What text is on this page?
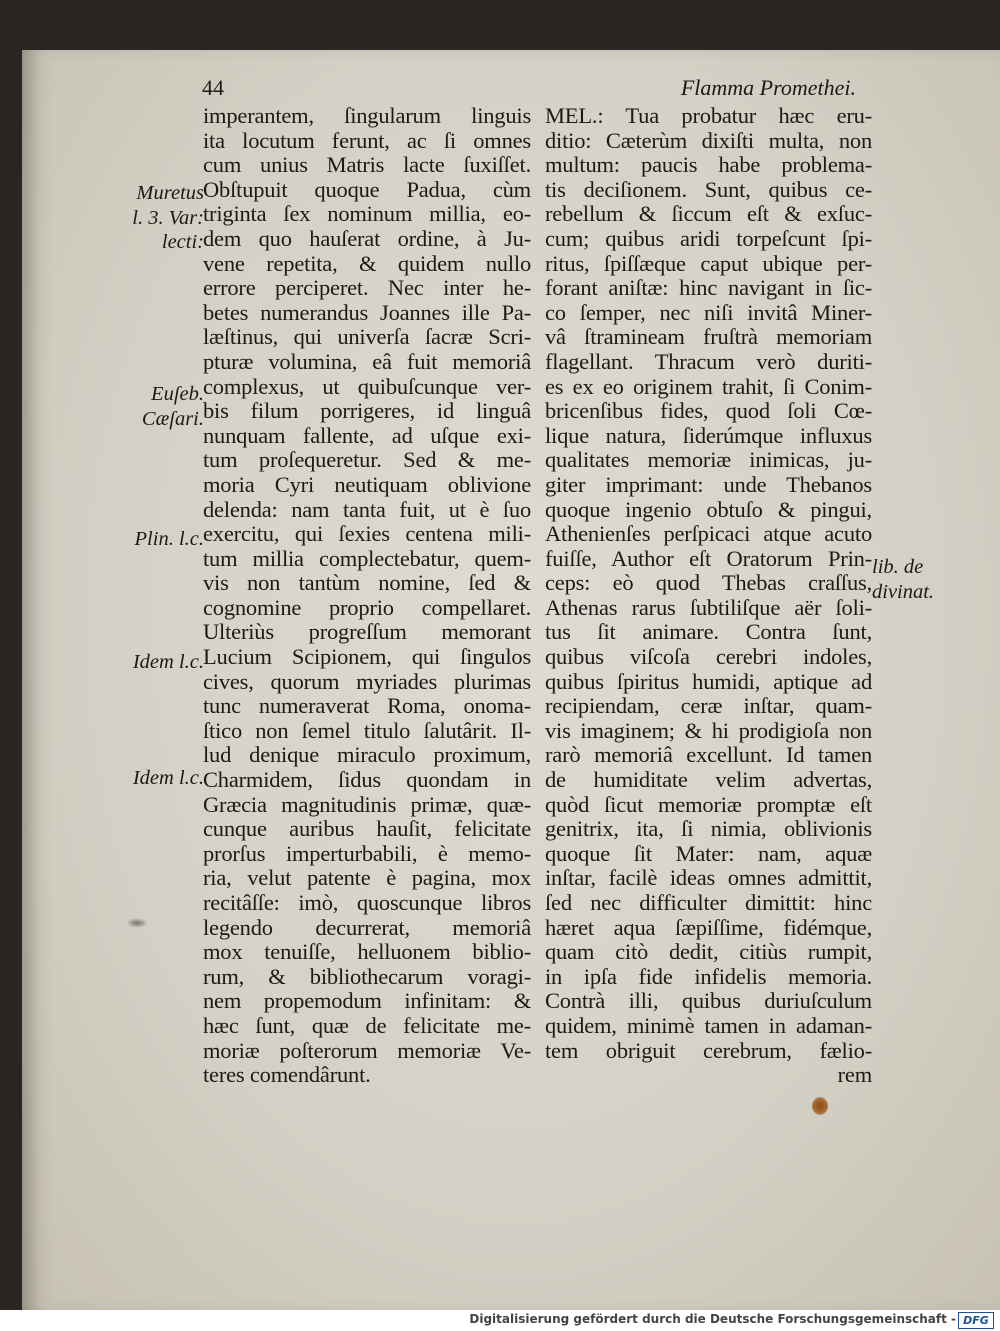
44	Flamma Promethei.
imperantem, ſingularum linguis
ita locutum ferunt, ac ſi omnes
cum unius Matris lacte ſuxiſſet.
Obſtupuit quoque Padua, cùm
triginta ſex nominum millia, eo-
dem quo hauſerat ordine, à Ju-
vene repetita, & quidem nullo
errore perciperet. Nec inter he-
betes numerandus Joannes ille Pa-
læſtinus, qui univerſa ſacræ Scri-
pturæ volumina, eâ fuit memoriâ
complexus, ut quibuſcunque ver-
bis filum porrigeres, id linguâ
nunquam fallente, ad uſque exi-
tum proſequeretur. Sed & me-
moria Cyri neutiquam oblivione
delenda: nam tanta fuit, ut è ſuo
exercitu, qui ſexies centena mili-
tum millia complectebatur, quem-
vis non tantùm nomine, ſed &
cognomine proprio compellaret.
Ulteriùs progreſſum memorant
Lucium Scipionem, qui ſingulos
cives, quorum myriades plurimas
tunc numeraverat Roma, onoma-
ſtico non ſemel titulo ſalutârit. Il-
lud denique miraculo proximum,
Charmidem, ſidus quondam in
Græcia magnitudinis primæ, quæ-
cunque auribus hauſit, felicitate
prorſus imperturbabili, è memo-
ria, velut patente è pagina, mox
recitâſſe: imò, quoscunque libros
legendo decurrerat, memoriâ
mox tenuiſſe, helluonem biblio-
rum, & bibliothecarum voragi-
nem propemodum infinitam: &
hæc ſunt, quæ de felicitate me-
moriæ poſterorum memoriæ Ve-
teres comendârunt.
MEL.: Tua probatur hæc eru-
ditio: Cæterùm dixiſti multa, non
multum: paucis habe problema-
tis deciſionem. Sunt, quibus ce-
rebellum & ſiccum eſt & exſuc-
cum; quibus aridi torpeſcunt ſpi-
ritus, ſpiſſæque caput ubique per-
forant aniſtæ: hinc navigant in ſic-
co ſemper, nec niſi invitâ Miner-
vâ ſtramineam fruſtrà memoriam
flagellant. Thracum verò duriti-
es ex eo originem trahit, ſi Conim-
bricenſibus fides, quod ſoli Cœ-
lique natura, ſiderúmque influxus
qualitates memoriæ inimicas, ju-
giter imprimant: unde Thebanos
quoque ingenio obtuſo & pingui,
Athenienſes perſpicaci atque acuto
fuiſſe, Author eſt Oratorum Prin-
ceps: eò quod Thebas craſſus,
Athenas rarus ſubtiliſque aër ſoli-
tus ſit animare. Contra ſunt,
quibus viſcoſa cerebri indoles,
quibus ſpiritus humidi, aptique ad
recipiendam, ceræ inſtar, quam-
vis imaginem; & hi prodigioſa non
rarò memoriâ excellunt. Id tamen
de humiditate velim advertas,
quòd ſicut memoriæ promptæ eſt
genitrix, ita, ſi nimia, oblivionis
quoque ſit Mater: nam, aquæ
inſtar, facilè ideas omnes admittit,
ſed nec difficulter dimittit: hinc
hæret aqua ſæpiſſime, fidémque,
quam citò dedit, citiùs rumpit,
in ipſa fide infidelis memoria.
Contrà illi, quibus duriuſculum
quidem, minimè tamen in adaman-
tem obriguit cerebrum, fælio-
rem
Muretus
l. 3. Var:
lecti:
Euſeb.
Cæſari.
Plin. l.c.
Idem l.c.
Idem l.c.
lib. de
divinat.
Digitalisierung gefördert durch die Deutsche Forschungsgemeinschaft - DFG
